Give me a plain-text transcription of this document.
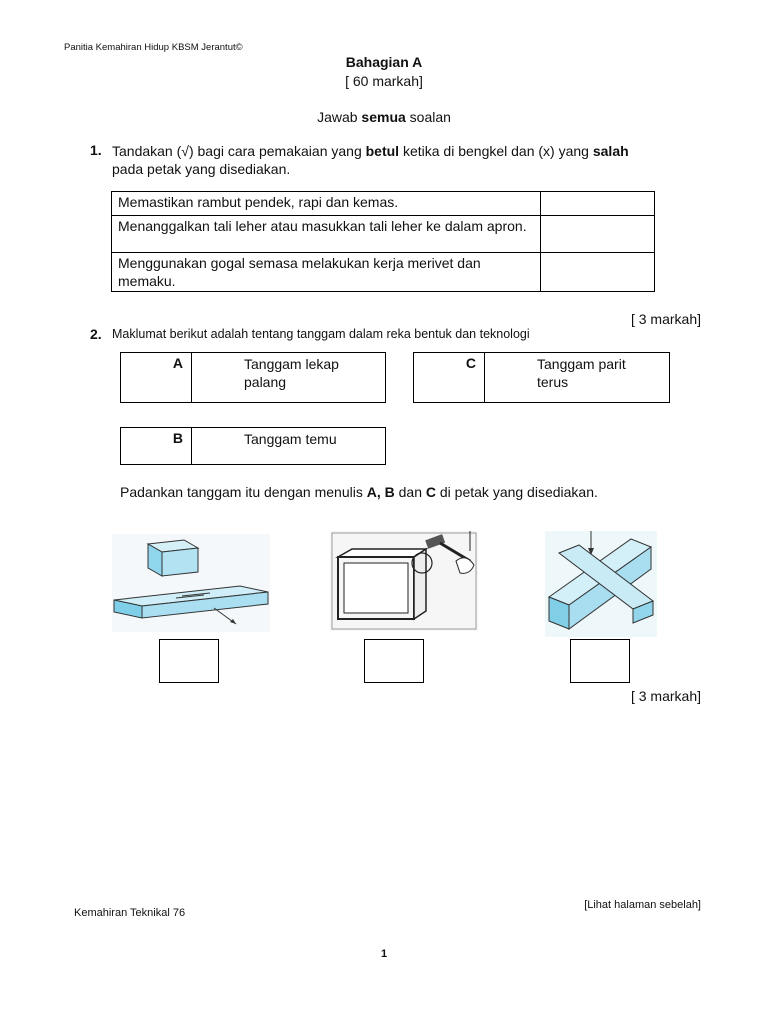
Panitia Kemahiran Hidup KBSM Jerantut©
Bahagian A
[ 60 markah]
Jawab semua soalan
1. Tandakan (√) bagi cara pemakaian yang betul ketika di bengkel dan (x) yang salah
pada petak yang disediakan.
Memastikan rambut pendek, rapi dan kemas.	
Menanggalkan tali leher atau masukkan tali leher ke dalam apron.	
Menggunakan gogal semasa melakukan kerja merivet dan memaku.	
[ 3 markah]
2. Maklumat berikut adalah tentang tanggam dalam reka bentuk dan teknologi
A	Tanggam lekap
palang
C	Tanggam parit
terus
B	Tanggam temu
Padankan tanggam itu dengan menulis A, B dan C di petak yang disediakan.
[ 3 markah]
[Lihat halaman sebelah]
Kemahiran Teknikal 76
1
